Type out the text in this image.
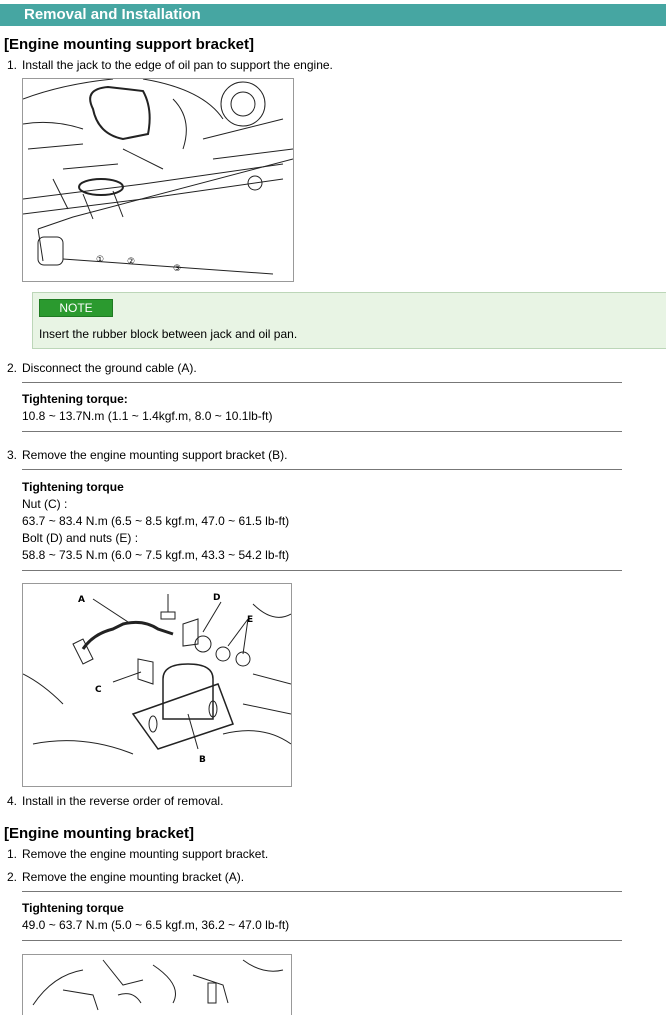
Removal and Installation
[Engine mounting support bracket]
1. Install the jack to the edge of oil pan to support the engine.
①	②
③
NOTE
Insert the rubber block between jack and oil pan.
2. Disconnect the ground cable (A).
Tightening torque:
10.8 ~ 13.7N.m (1.1 ~ 1.4kgf.m, 8.0 ~ 10.1lb-ft)
3. Remove the engine mounting support bracket (B).
Tightening torque
Nut (C) :
63.7 ~ 83.4 N.m (6.5 ~ 8.5 kgf.m, 47.0 ~ 61.5 lb-ft)
Bolt (D) and nuts (E) :
58.8 ~ 73.5 N.m (6.0 ~ 7.5 kgf.m, 43.3 ~ 54.2 lb-ft)
A	D
E
C
B
4. Install in the reverse order of removal.
[Engine mounting bracket]
1. Remove the engine mounting support bracket.
2. Remove the engine mounting bracket (A).
Tightening torque
49.0 ~ 63.7 N.m (5.0 ~ 6.5 kgf.m, 36.2 ~ 47.0 lb-ft)
